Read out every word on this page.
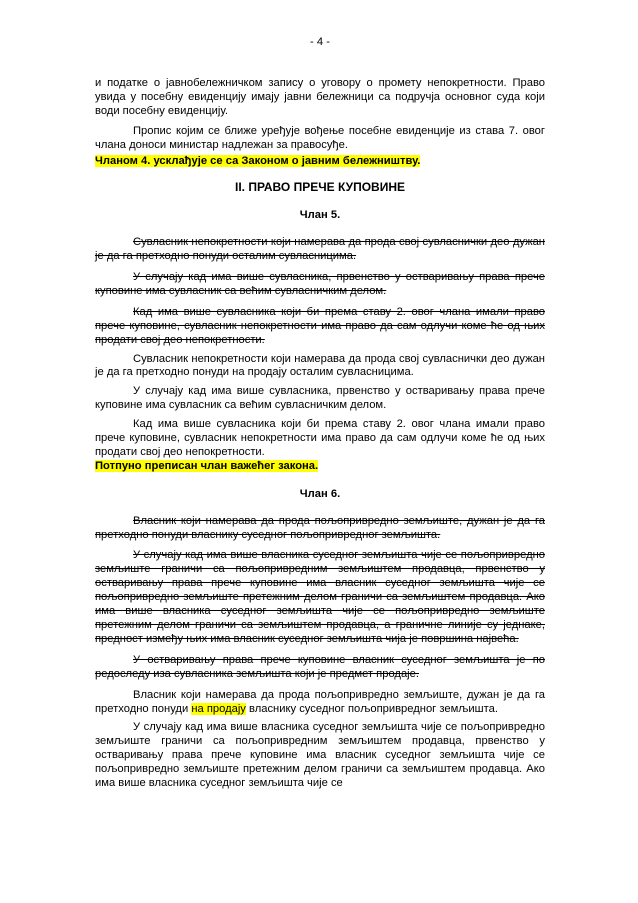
- 4 -

и податке о јавнобележничком запису о уговору о промету непокретности. Право увида у посебну евиденцију имају јавни бележници са подручја основног суда који води посебну евиденцију.

Пропис којим се ближе уређује вођење посебне евиденције из става 7. овог члана доноси министар надлежан за правосуђе.

Чланом 4. усклађује се са Законом о јавним бележништву.

II. ПРАВО ПРЕЧЕ КУПОВИНЕ
Члан 5.

Сувласник непокретности који намерава да прода свој сувласнички део дужан је да га претходно понуди осталим сувласницима.

У случају кад има више сувласника, првенство у остваривању права прече куповине има сувласник са већим сувласничким делом.

Кад има више сувласника који би према ставу 2. овог члана имали право прече куповине, сувласник непокретности има право да сам одлучи коме ће од њих продати свој део непокретности.

Сувласник непокретности који намерава да прода свој сувласнички део дужан је да га претходно понуди на продају осталим сувласницима.

У случају кад има више сувласника, првенство у остваривању права прече куповине има сувласник са већим сувласничким делом.

Кад има више сувласника који би према ставу 2. овог члана имали право прече куповине, сувласник непокретности има право да сам одлучи коме ће од њих продати свој део непокретности.

Потпуно преписан члан важећег закона.

Члан 6.

Власник који намерава да прода пољопривредно земљиште, дужан је да га претходно понуди власнику суседног пољопривредног земљишта.

У случају кад има више власника суседног земљишта чије се пољопривредно земљиште граничи са пољопривредним земљиштем продавца, првенство у остваривању права прече куповине има власник суседног земљишта чије се пољопривредно земљиште претежним делом граничи са земљиштем продавца. Ако има више власника суседног земљишта чије се пољопривредно земљиште претежним делом граничи са земљиштем продавца, а граничне линије су једнаке, предност између њих има власник суседног земљишта чија је површина највећа.

У остваривању права прече куповине власник суседног земљишта је по редоследу иза сувласника земљишта који је предмет продаје.

Власник који намерава да прода пољопривредно земљиште, дужан је да га претходно понуди на продају власнику суседног пољопривредног земљишта.

У случају кад има више власника суседног земљишта чије се пољопривредно земљиште граничи са пољопривредним земљиштем продавца, првенство у остваривању права прече куповине има власник суседног земљишта чије се пољопривредно земљиште претежним делом граничи са земљиштем продавца. Ако има више власника суседног земљишта чије се
